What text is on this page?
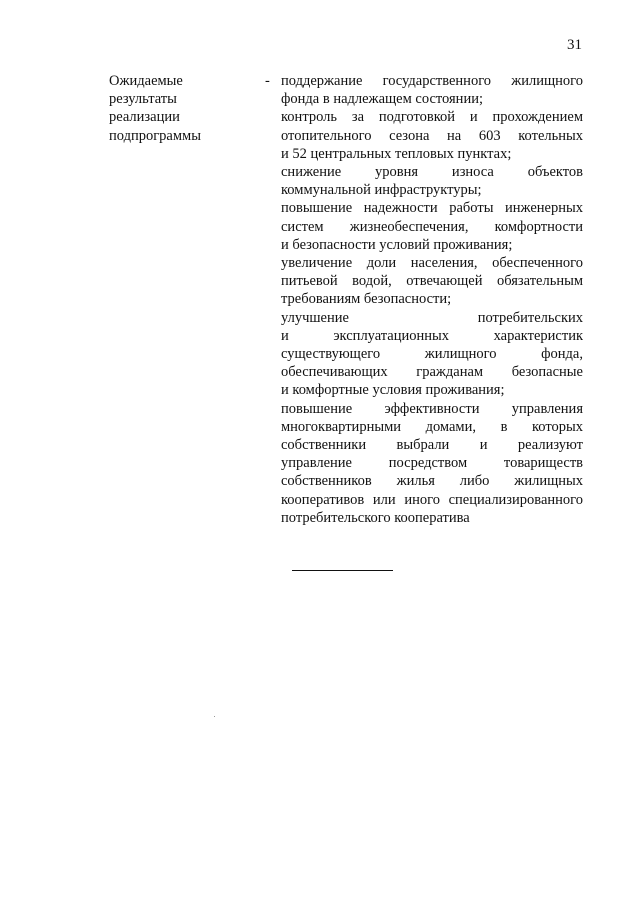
31
Ожидаемые
результаты
реализации
подпрограммы
- поддержание государственного жилищного
фонда в надлежащем состоянии;
контроль за подготовкой и прохождением
отопительного сезона на 603 котельных
и 52 центральных тепловых пунктах;
снижение уровня износа объектов
коммунальной инфраструктуры;
повышение надежности работы инженерных
систем жизнеобеспечения, комфортности
и безопасности условий проживания;
увеличение доли населения, обеспеченного
питьевой водой, отвечающей обязательным
требованиям безопасности;
улучшение потребительских
и эксплуатационных характеристик
существующего жилищного фонда,
обеспечивающих гражданам безопасные
и комфортные условия проживания;
повышение эффективности управления
многоквартирными домами, в которых
собственники выбрали и реализуют
управление посредством товариществ
собственников жилья либо жилищных
кооперативов или иного специализированного
потребительского кооператива
